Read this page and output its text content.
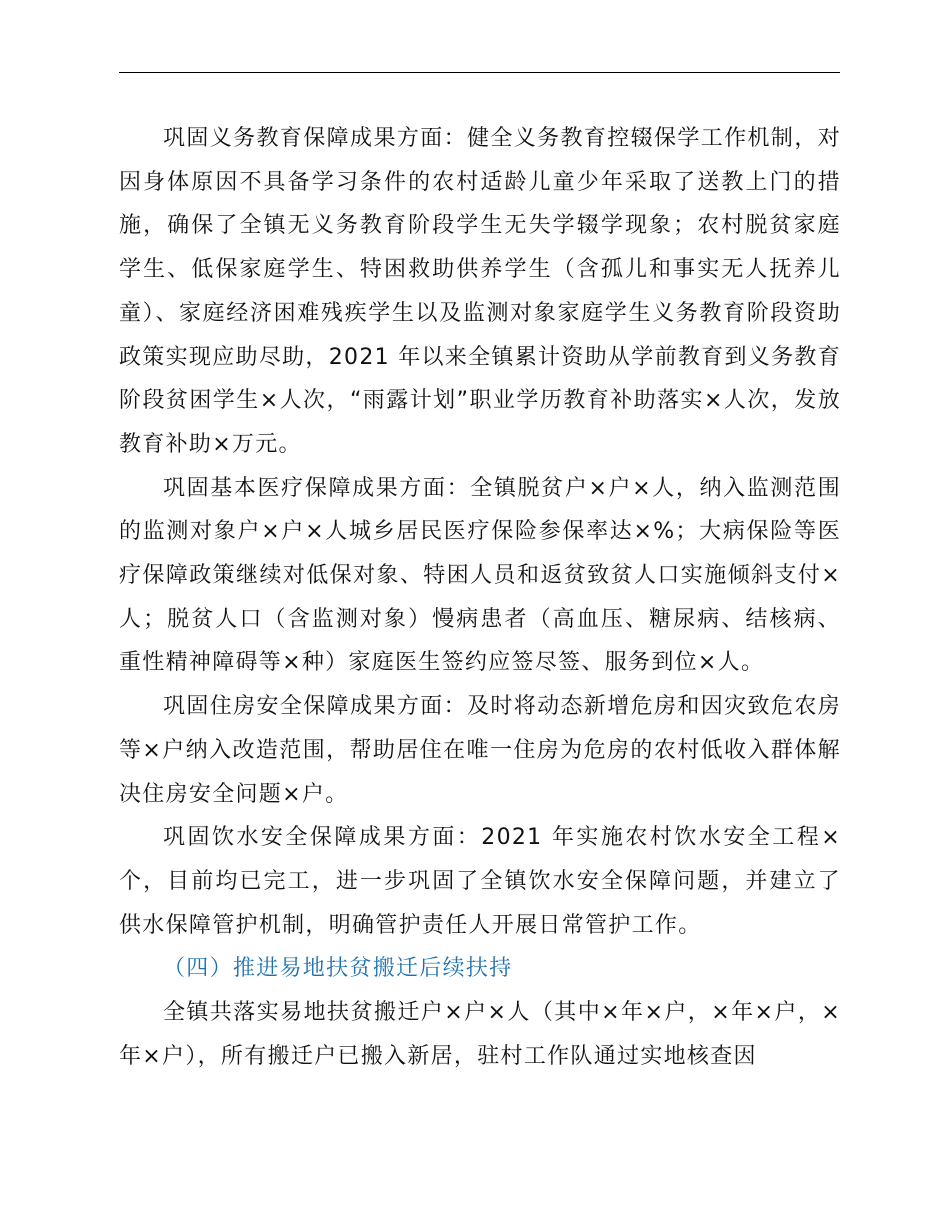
巩固义务教育保障成果方面：健全义务教育控辍保学工作机制，对因身体原因不具备学习条件的农村适龄儿童少年采取了送教上门的措施，确保了全镇无义务教育阶段学生无失学辍学现象；农村脱贫家庭学生、低保家庭学生、特困救助供养学生（含孤儿和事实无人抚养儿童）、家庭经济困难残疾学生以及监测对象家庭学生义务教育阶段资助政策实现应助尽助，2021 年以来全镇累计资助从学前教育到义务教育阶段贫困学生×人次，“雨露计划”职业学历教育补助落实×人次，发放教育补助×万元。

巩固基本医疗保障成果方面：全镇脱贫户×户×人，纳入监测范围的监测对象户×户×人城乡居民医疗保险参保率达×%；大病保险等医疗保障政策继续对低保对象、特困人员和返贫致贫人口实施倾斜支付×人；脱贫人口（含监测对象）慢病患者（高血压、糖尿病、结核病、重性精神障碍等×种）家庭医生签约应签尽签、服务到位×人。

巩固住房安全保障成果方面：及时将动态新增危房和因灾致危农房等×户纳入改造范围，帮助居住在唯一住房为危房的农村低收入群体解决住房安全问题×户。

巩固饮水安全保障成果方面：2021 年实施农村饮水安全工程×个，目前均已完工，进一步巩固了全镇饮水安全保障问题，并建立了供水保障管护机制，明确管护责任人开展日常管护工作。

（四）推进易地扶贫搬迁后续扶持

全镇共落实易地扶贫搬迁户×户×人（其中×年×户，×年×户，×年×户），所有搬迁户已搬入新居，驻村工作队通过实地核查因
